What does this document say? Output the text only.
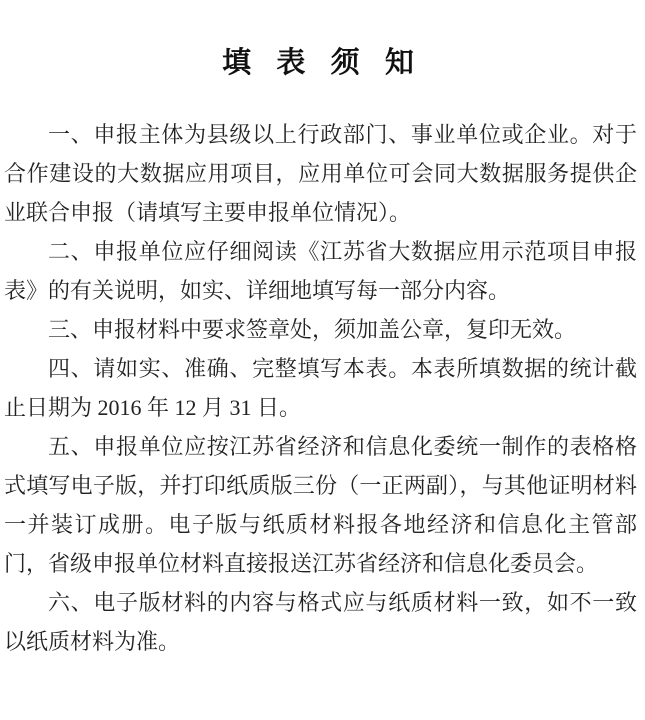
填 表 须 知

一、申报主体为县级以上行政部门、事业单位或企业。对于合作建设的大数据应用项目，应用单位可会同大数据服务提供企业联合申报（请填写主要申报单位情况）。

二、申报单位应仔细阅读《江苏省大数据应用示范项目申报表》的有关说明，如实、详细地填写每一部分内容。

三、申报材料中要求签章处，须加盖公章，复印无效。

四、请如实、准确、完整填写本表。本表所填数据的统计截止日期为 2016 年 12 月 31 日。

五、申报单位应按江苏省经济和信息化委统一制作的表格格式填写电子版，并打印纸质版三份（一正两副），与其他证明材料一并装订成册。电子版与纸质材料报各地经济和信息化主管部门，省级申报单位材料直接报送江苏省经济和信息化委员会。

六、电子版材料的内容与格式应与纸质材料一致，如不一致以纸质材料为准。
